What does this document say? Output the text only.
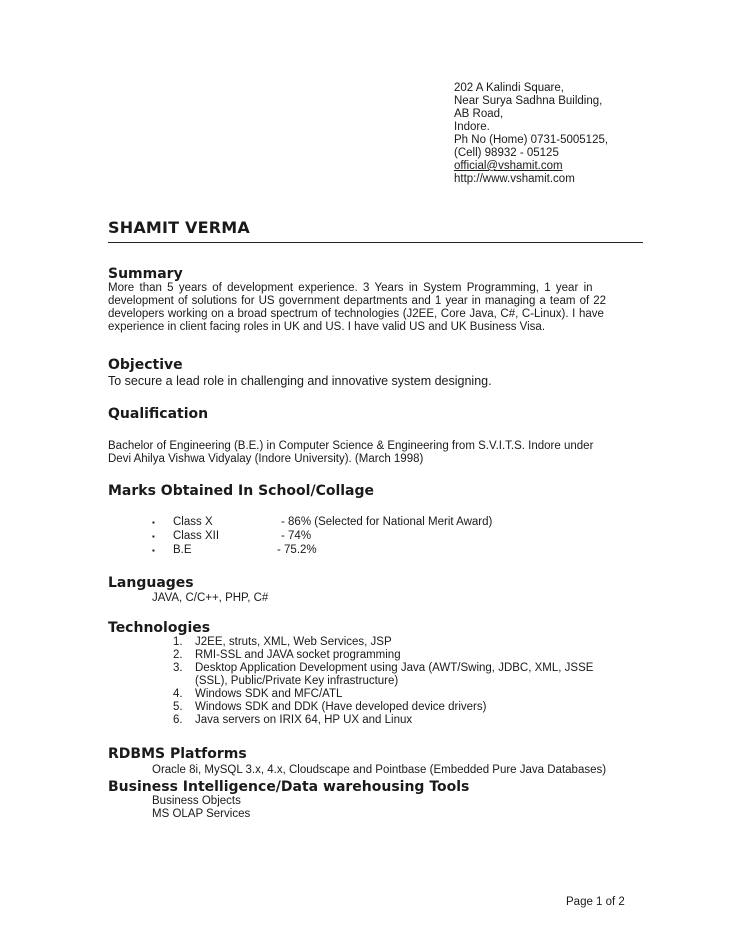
202 A Kalindi Square,
Near Surya Sadhna Building,
AB Road,
Indore.
Ph No (Home) 0731-5005125,
(Cell) 98932 - 05125
official@vshamit.com
http://www.vshamit.com
SHAMIT VERMA
Summary
More than 5 years of development experience. 3 Years in System Programming, 1 year in
development of solutions for US government departments and 1 year in managing a team of 22
developers working on a broad spectrum of technologies (J2EE, Core Java, C#, C-Linux). I have
experience in client facing roles in UK and US. I have valid US and UK Business Visa.
Objective
To secure a lead role in challenging and innovative system designing.
Qualification
Bachelor of Engineering (B.E.) in Computer Science & Engineering from S.V.I.T.S. Indore under
Devi Ahilya Vishwa Vidyalay (Indore University). (March 1998)
Marks Obtained In School/Collage
▪ Class X	- 86% (Selected for National Merit Award)
▪ Class XII	- 74%
▪ B.E	- 75.2%
Languages
JAVA, C/C++, PHP, C#
Technologies
1.	J2EE, struts, XML, Web Services, JSP
2.	RMI-SSL and JAVA socket programming
3.	Desktop Application Development using Java (AWT/Swing, JDBC, XML, JSSE
(SSL), Public/Private Key infrastructure)
4.	Windows SDK and MFC/ATL
5.	Windows SDK and DDK (Have developed device drivers)
6.	Java servers on IRIX 64, HP UX and Linux
RDBMS Platforms
Oracle 8i, MySQL 3.x, 4.x, Cloudscape and Pointbase (Embedded Pure Java Databases)
Business Intelligence/Data warehousing Tools
Business Objects
MS OLAP Services
Page 1 of 2
